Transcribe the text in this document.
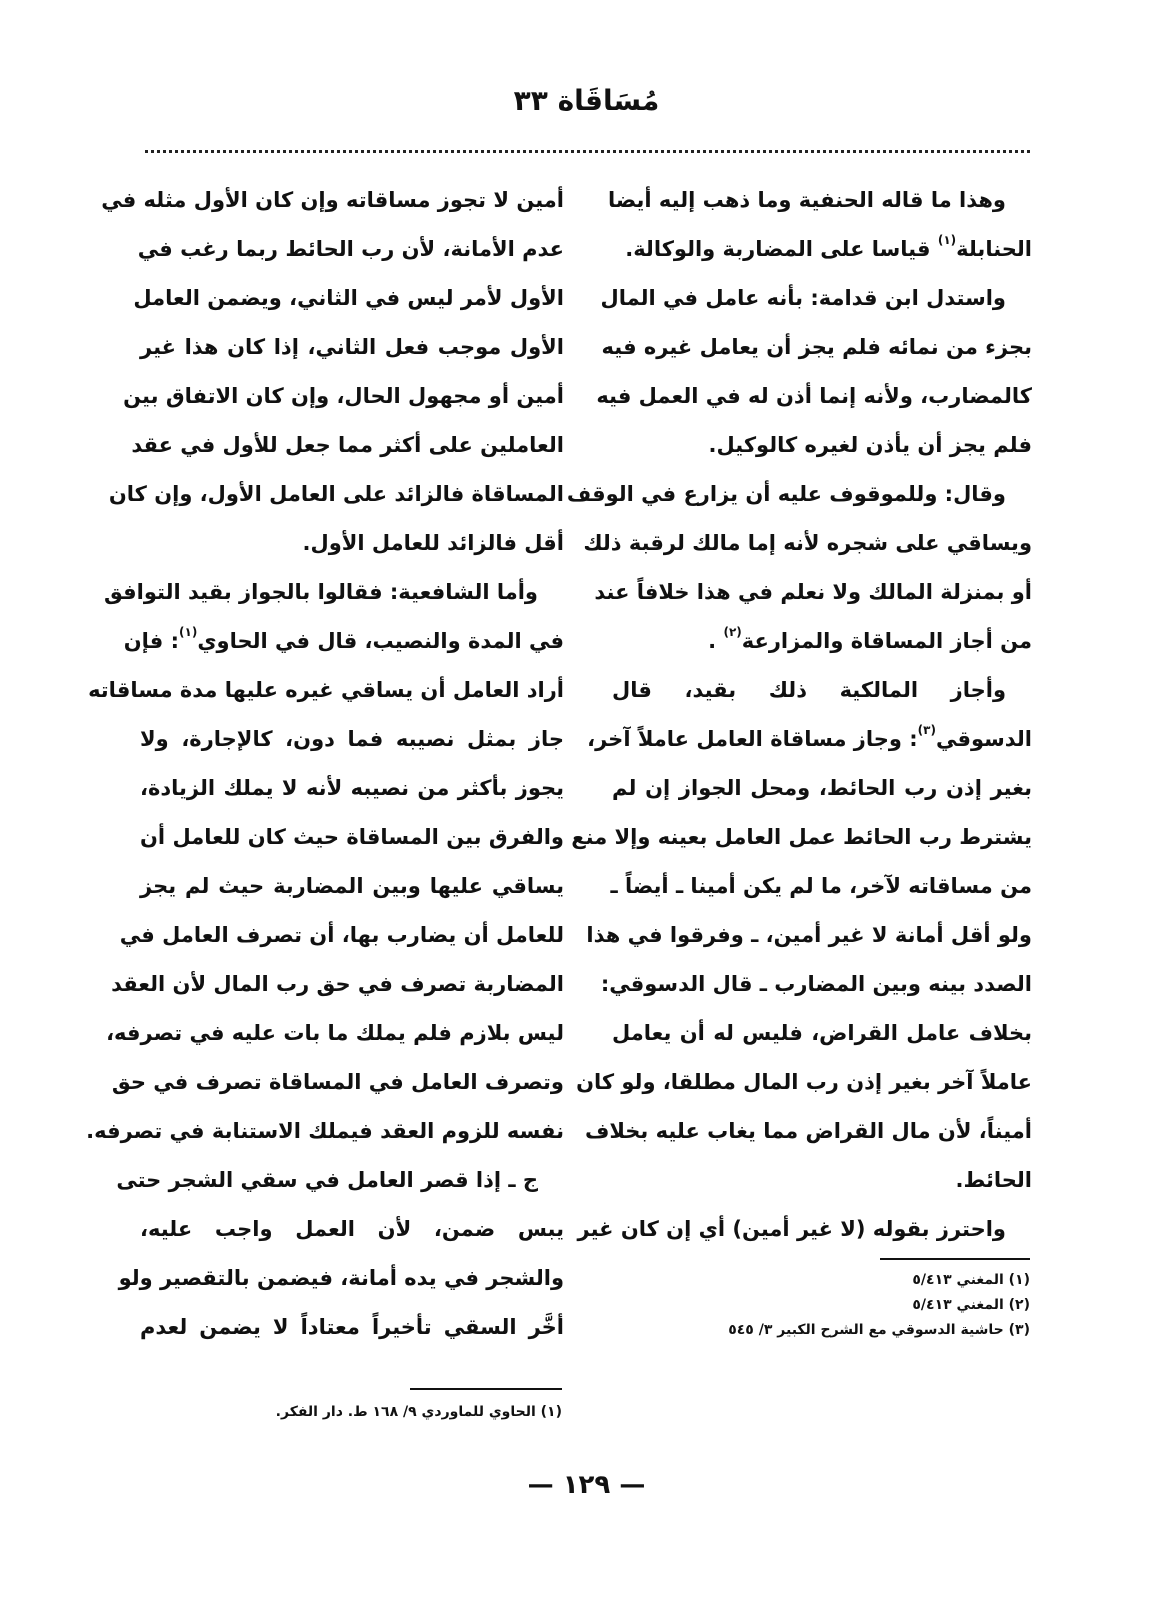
مُسَاقَاة ٣٣
وهذا ما قاله الحنفية وما ذهب إليه أيضا
الحنابلة$^{(١)}$ قياسا على المضاربة والوكالة.
واستدل ابن قدامة: بأنه عامل في المال
بجزء من نمائه فلم يجز أن يعامل غيره فيه
كالمضارب، ولأنه إنما أذن له في العمل فيه
فلم يجز أن يأذن لغيره كالوكيل.
وقال: وللموقوف عليه أن يزارع في الوقف
ويساقي على شجره لأنه إما مالك لرقبة ذلك
أو بمنزلة المالك ولا نعلم في هذا خلافاً عند
من أجاز المساقاة والمزارعة$^{(٢)}$ .
وأجاز المالكية ذلك بقيد، قال
الدسوقي$^{(٣)}$: وجاز مساقاة العامل عاملاً آخر،
بغير إذن رب الحائط، ومحل الجواز إن لم
يشترط رب الحائط عمل العامل بعينه وإلا منع
من مساقاته لآخر، ما لم يكن أمينا ـ أيضاً ـ
ولو أقل أمانة لا غير أمين، ـ وفرقوا في هذا
الصدد بينه وبين المضارب ـ قال الدسوقي:
بخلاف عامل القراض، فليس له أن يعامل
عاملاً آخر بغير إذن رب المال مطلقا، ولو كان
أميناً، لأن مال القراض مما يغاب عليه بخلاف
الحائط.
واحترز بقوله (لا غير أمين) أي إن كان غير
أمين لا تجوز مساقاته وإن كان الأول مثله في
عدم الأمانة، لأن رب الحائط ربما رغب في
الأول لأمر ليس في الثاني، ويضمن العامل
الأول موجب فعل الثاني، إذا كان هذا غير
أمين أو مجهول الحال، وإن كان الاتفاق بين
العاملين على أكثر مما جعل للأول في عقد
المساقاة فالزائد على العامل الأول، وإن كان
أقل فالزائد للعامل الأول.
وأما الشافعية: فقالوا بالجواز بقيد التوافق
في المدة والنصيب، قال في الحاوي$^{(١)}$: فإن
أراد العامل أن يساقي غيره عليها مدة مساقاته
جاز بمثل نصيبه فما دون، كالإجارة، ولا
يجوز بأكثر من نصيبه لأنه لا يملك الزيادة،
والفرق بين المساقاة حيث كان للعامل أن
يساقي عليها وبين المضاربة حيث لم يجز
للعامل أن يضارب بها، أن تصرف العامل في
المضاربة تصرف في حق رب المال لأن العقد
ليس بلازم فلم يملك ما بات عليه في تصرفه،
وتصرف العامل في المساقاة تصرف في حق
نفسه للزوم العقد فيملك الاستنابة في تصرفه.
ج ـ إذا قصر العامل في سقي الشجر حتى
يبس ضمن، لأن العمل واجب عليه،
والشجر في يده أمانة، فيضمن بالتقصير ولو
أخَّر السقي تأخيراً معتاداً لا يضمن لعدم
(١) المغني ٥/٤١٣
(٢) المغني ٥/٤١٣
(٣) حاشية الدسوقي مع الشرح الكبير ٣/ ٥٤٥
(١) الحاوي للماوردي ٩/ ١٦٨ ط. دار الفكر.
— ١٢٩ —
